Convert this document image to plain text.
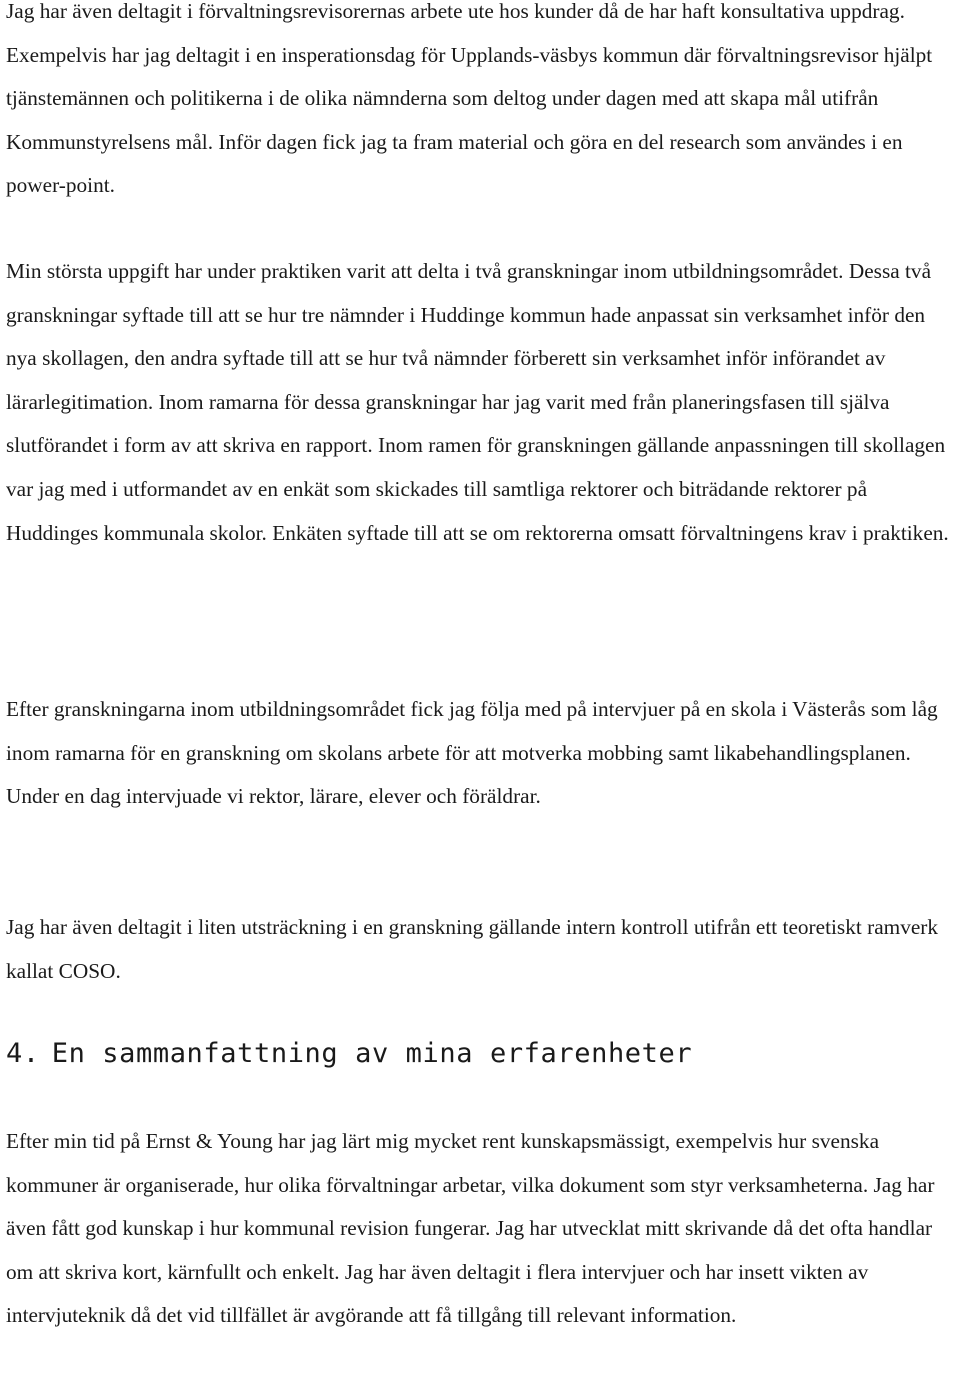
Jag har även deltagit i förvaltningsrevisorernas arbete ute hos kunder då de har haft konsultativa uppdrag. Exempelvis har jag deltagit i en insperationsdag för Upplands-väsbys kommun där förvaltningsrevisor hjälpt tjänstemännen och politikerna i de olika nämnderna som deltog under dagen med att skapa mål utifrån Kommunstyrelsens mål. Inför dagen fick jag ta fram material och göra en del research som användes i en power-point.

Min största uppgift har under praktiken varit att delta i två granskningar inom utbildningsområdet. Dessa två granskningar syftade till att se hur tre nämnder i Huddinge kommun hade anpassat sin verksamhet inför den nya skollagen, den andra syftade till att se hur två nämnder förberett sin verksamhet inför införandet av lärarlegitimation. Inom ramarna för dessa granskningar har jag varit med från planeringsfasen till själva slutförandet i form av att skriva en rapport. Inom ramen för granskningen gällande anpassningen till skollagen var jag med i utformandet av en enkät som skickades till samtliga rektorer och biträdande rektorer på Huddinges kommunala skolor. Enkäten syftade till att se om rektorerna omsatt förvaltningens krav i praktiken.

Efter granskningarna inom utbildningsområdet fick jag följa med på intervjuer på en skola i Västerås som låg inom ramarna för en granskning om skolans arbete för att motverka mobbing samt likabehandlingsplanen. Under en dag intervjuade vi rektor, lärare, elever och föräldrar.

Jag har även deltagit i liten utsträckning i en granskning gällande intern kontroll utifrån ett teoretiskt ramverk kallat COSO.

4. En sammanfattning av mina erfarenheter

Efter min tid på Ernst & Young har jag lärt mig mycket rent kunskapsmässigt, exempelvis hur svenska kommuner är organiserade, hur olika förvaltningar arbetar, vilka dokument som styr verksamheterna. Jag har även fått god kunskap i hur kommunal revision fungerar. Jag har utvecklat mitt skrivande då det ofta handlar om att skriva kort, kärnfullt och enkelt. Jag har även deltagit i flera intervjuer och har insett vikten av intervjuteknik då det vid tillfället är avgörande att få tillgång till relevant information.
